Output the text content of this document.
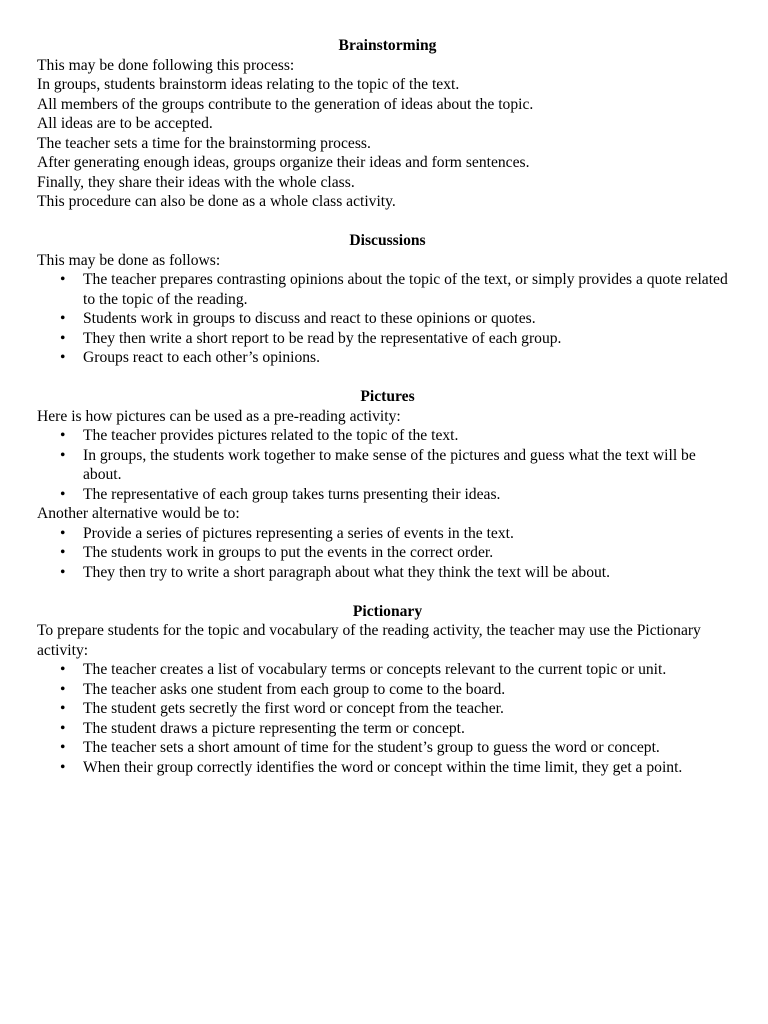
Brainstorming

This may be done following this process:

In groups, students brainstorm ideas relating to the topic of the text.

All members of the groups contribute to the generation of ideas about the topic.

All ideas are to be accepted.

The teacher sets a time for the brainstorming process.

After generating enough ideas, groups organize their ideas and form sentences.

Finally, they share their ideas with the whole class.

This procedure can also be done as a whole class activity.

Discussions

This may be done as follows:

• The teacher prepares contrasting opinions about the topic of the text, or simply provides a quote related to the topic of the reading.
• Students work in groups to discuss and react to these opinions or quotes.
• They then write a short report to be read by the representative of each group.
• Groups react to each other’s opinions.

Pictures

Here is how pictures can be used as a pre-reading activity:

• The teacher provides pictures related to the topic of the text.
• In groups, the students work together to make sense of the pictures and guess what the text will be about.
• The representative of each group takes turns presenting their ideas.

Another alternative would be to:

• Provide a series of pictures representing a series of events in the text.
• The students work in groups to put the events in the correct order.
• They then try to write a short paragraph about what they think the text will be about.

Pictionary

To prepare students for the topic and vocabulary of the reading activity, the teacher may use the Pictionary activity:

• The teacher creates a list of vocabulary terms or concepts relevant to the current topic or unit.
• The teacher asks one student from each group to come to the board.
• The student gets secretly the first word or concept from the teacher.
• The student draws a picture representing the term or concept.
• The teacher sets a short amount of time for the student’s group to guess the word or concept.
• When their group correctly identifies the word or concept within the time limit, they get a point.
